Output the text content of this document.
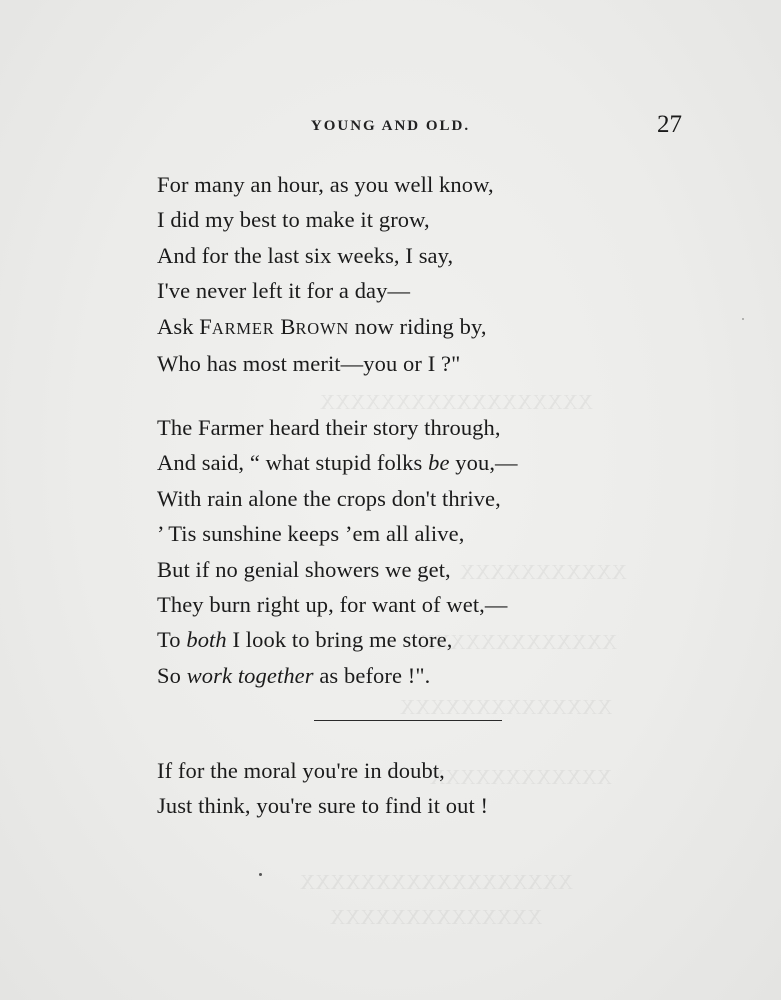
XXXXXXXXXXXXXXXXXX
XXXXXXXXXXX
XXXXXXXXXXXXX
XXXXXXXXXXXXXX
XXXXXXXXXXXX
XXXXXXXXXXXXXXXXXX
XXXXXXXXXXXXXX
YOUNG AND OLD.	27
For many an hour, as you well know,
I did my best to make it grow,
And for the last six weeks, I say,
I've never left it for a day—
Ask FARMER BROWN now riding by,
Who has most merit—you or I ?"
The Farmer heard their story through,
And said, “ what stupid folks be you,—
With rain alone the crops don't thrive,
’ Tis sunshine keeps ’em all alive,
But if no genial showers we get,
They burn right up, for want of wet,—
To both I look to bring me store,
So work together as before !".
If for the moral you're in doubt,
Just think, you're sure to find it out !
